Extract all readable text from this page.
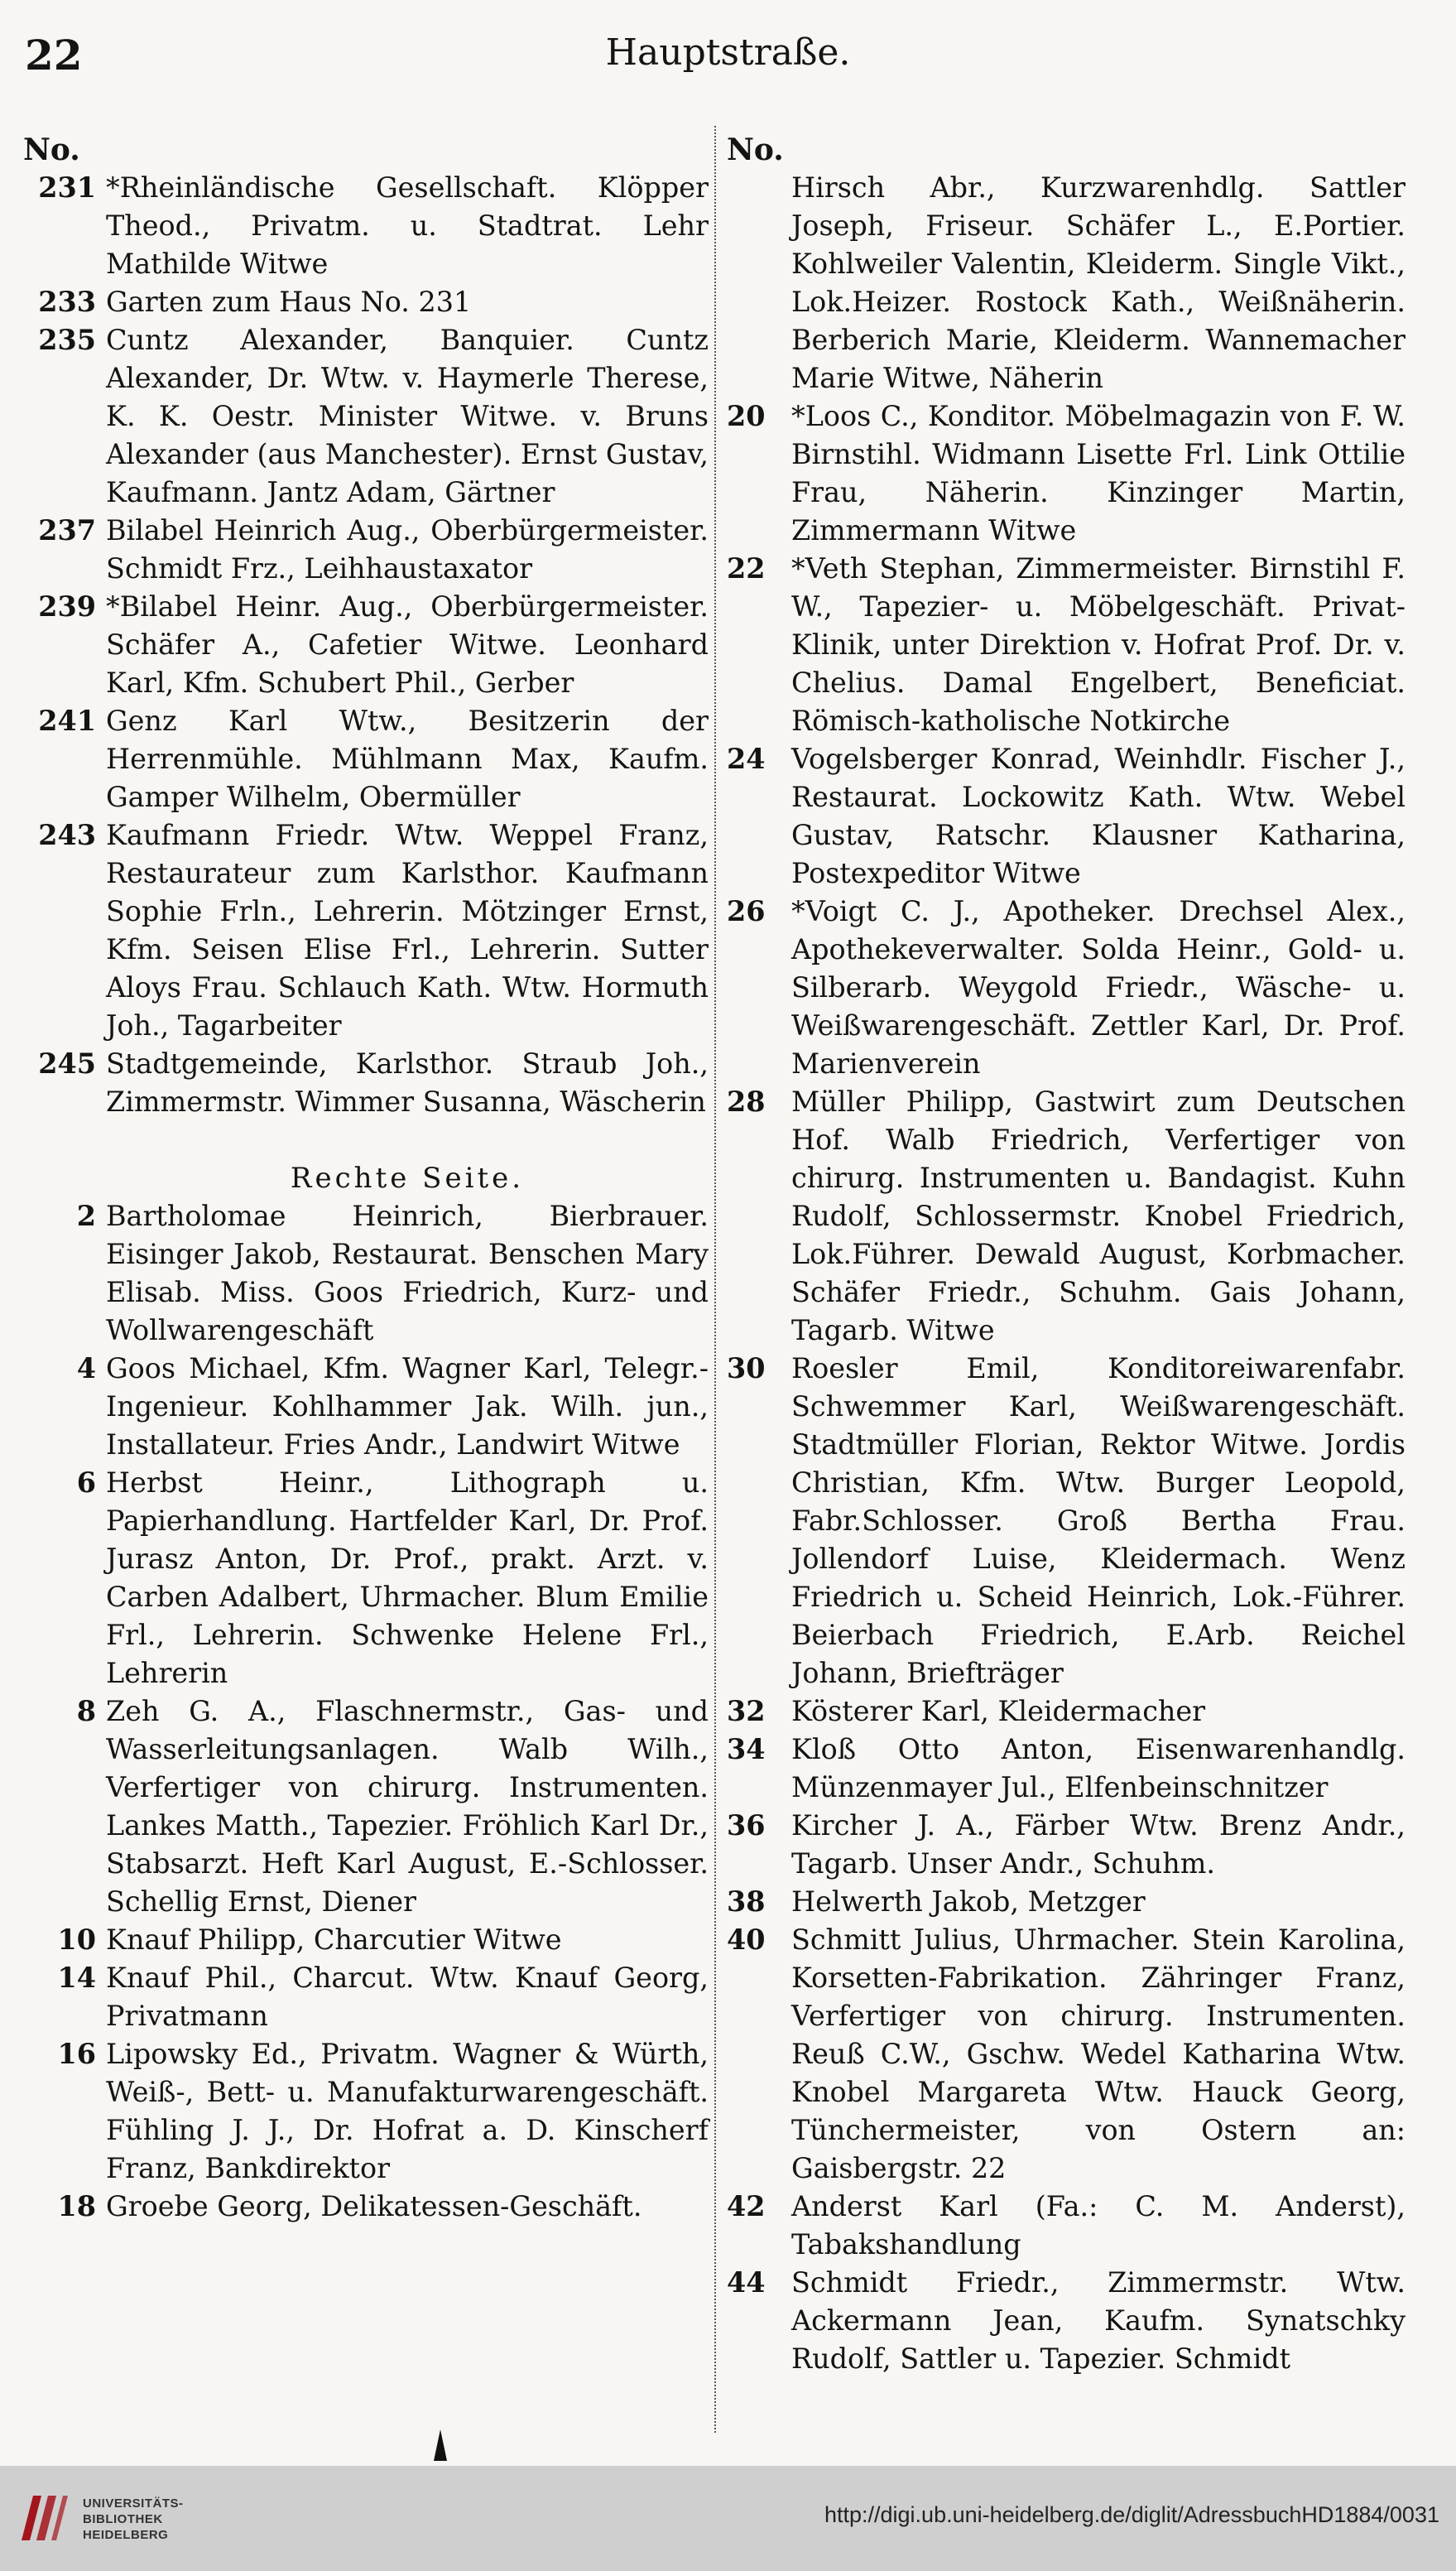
22	Hauptstraße.
No.
231 *Rheinländische Gesellschaft. Klöpper Theod., Privatm. u. Stadtrat. Lehr Mathilde Witwe
233 Garten zum Haus No. 231
235 Cuntz Alexander, Banquier. Cuntz Alexander, Dr. Wtw. v. Haymerle Therese, K. K. Oestr. Minister Witwe. v. Bruns Alexander (aus Manchester). Ernst Gustav, Kaufmann. Jantz Adam, Gärtner
237 Bilabel Heinrich Aug., Oberbürgermeister. Schmidt Frz., Leihhaustaxator
239 *Bilabel Heinr. Aug., Oberbürgermeister. Schäfer A., Cafetier Witwe. Leonhard Karl, Kfm. Schubert Phil., Gerber
241 Genz Karl Wtw., Besitzerin der Herrenmühle. Mühlmann Max, Kaufm. Gamper Wilhelm, Obermüller
243 Kaufmann Friedr. Wtw. Weppel Franz, Restaurateur zum Karlsthor. Kaufmann Sophie Frln., Lehrerin. Mötzinger Ernst, Kfm. Seisen Elise Frl., Lehrerin. Sutter Aloys Frau. Schlauch Kath. Wtw. Hormuth Joh., Tagarbeiter
245 Stadtgemeinde, Karlsthor. Straub Joh., Zimmermstr. Wimmer Susanna, Wäscherin
Rechte Seite.
2 Bartholomae Heinrich, Bierbrauer. Eisinger Jakob, Restaurat. Benschen Mary Elisab. Miss. Goos Friedrich, Kurz- und Wollwarengeschäft
4 Goos Michael, Kfm. Wagner Karl, Telegr.-Ingenieur. Kohlhammer Jak. Wilh. jun., Installateur. Fries Andr., Landwirt Witwe
6 Herbst Heinr., Lithograph u. Papierhandlung. Hartfelder Karl, Dr. Prof. Jurasz Anton, Dr. Prof., prakt. Arzt. v. Carben Adalbert, Uhrmacher. Blum Emilie Frl., Lehrerin. Schwenke Helene Frl., Lehrerin
8 Zeh G. A., Flaschnermstr., Gas- und Wasserleitungsanlagen. Walb Wilh., Verfertiger von chirurg. Instrumenten. Lankes Matth., Tapezier. Fröhlich Karl Dr., Stabsarzt. Heft Karl August, E.-Schlosser. Schellig Ernst, Diener
10 Knauf Philipp, Charcutier Witwe
14 Knauf Phil., Charcut. Wtw. Knauf Georg, Privatmann
16 Lipowsky Ed., Privatm. Wagner & Würth, Weiß-, Bett- u. Manufakturwarengeschäft. Fühling J. J., Dr. Hofrat a. D. Kinscherf Franz, Bankdirektor
18 Groebe Georg, Delikatessen-Geschäft.
No.
Hirsch Abr., Kurzwarenhdlg. Sattler Joseph, Friseur. Schäfer L., E.Portier. Kohlweiler Valentin, Kleiderm. Single Vikt., Lok.Heizer. Rostock Kath., Weißnäherin. Berberich Marie, Kleiderm. Wannemacher Marie Witwe, Näherin
20 *Loos C., Konditor. Möbelmagazin von F. W. Birnstihl. Widmann Lisette Frl. Link Ottilie Frau, Näherin. Kinzinger Martin, Zimmermann Witwe
22 *Veth Stephan, Zimmermeister. Birnstihl F. W., Tapezier- u. Möbelgeschäft. Privat-Klinik, unter Direktion v. Hofrat Prof. Dr. v. Chelius. Damal Engelbert, Beneficiat. Römisch-katholische Notkirche
24 Vogelsberger Konrad, Weinhdlr. Fischer J., Restaurat. Lockowitz Kath. Wtw. Webel Gustav, Ratschr. Klausner Katharina, Postexpeditor Witwe
26 *Voigt C. J., Apotheker. Drechsel Alex., Apothekeverwalter. Solda Heinr., Gold- u. Silberarb. Weygold Friedr., Wäsche- u. Weißwarengeschäft. Zettler Karl, Dr. Prof. Marienverein
28 Müller Philipp, Gastwirt zum Deutschen Hof. Walb Friedrich, Verfertiger von chirurg. Instrumenten u. Bandagist. Kuhn Rudolf, Schlossermstr. Knobel Friedrich, Lok.Führer. Dewald August, Korbmacher. Schäfer Friedr., Schuhm. Gais Johann, Tagarb. Witwe
30 Roesler Emil, Konditoreiwarenfabr. Schwemmer Karl, Weißwarengeschäft. Stadtmüller Florian, Rektor Witwe. Jordis Christian, Kfm. Wtw. Burger Leopold, Fabr.Schlosser. Groß Bertha Frau. Jollendorf Luise, Kleidermach. Wenz Friedrich u. Scheid Heinrich, Lok.-Führer. Beierbach Friedrich, E.Arb. Reichel Johann, Briefträger
32 Kösterer Karl, Kleidermacher
34 Kloß Otto Anton, Eisenwarenhandlg. Münzenmayer Jul., Elfenbeinschnitzer
36 Kircher J. A., Färber Wtw. Brenz Andr., Tagarb. Unser Andr., Schuhm.
38 Helwerth Jakob, Metzger
40 Schmitt Julius, Uhrmacher. Stein Karolina, Korsetten-Fabrikation. Zähringer Franz, Verfertiger von chirurg. Instrumenten. Reuß C.W., Gschw. Wedel Katharina Wtw. Knobel Margareta Wtw. Hauck Georg, Tünchermeister, von Ostern an: Gaisbergstr. 22
42 Anderst Karl (Fa.: C. M. Anderst), Tabakshandlung
44 Schmidt Friedr., Zimmermstr. Wtw. Ackermann Jean, Kaufm. Synatschky Rudolf, Sattler u. Tapezier. Schmidt
UNIVERSITÄTS-
BIBLIOTHEK
HEIDELBERG
http://digi.ub.uni-heidelberg.de/diglit/AdressbuchHD1884/0031
